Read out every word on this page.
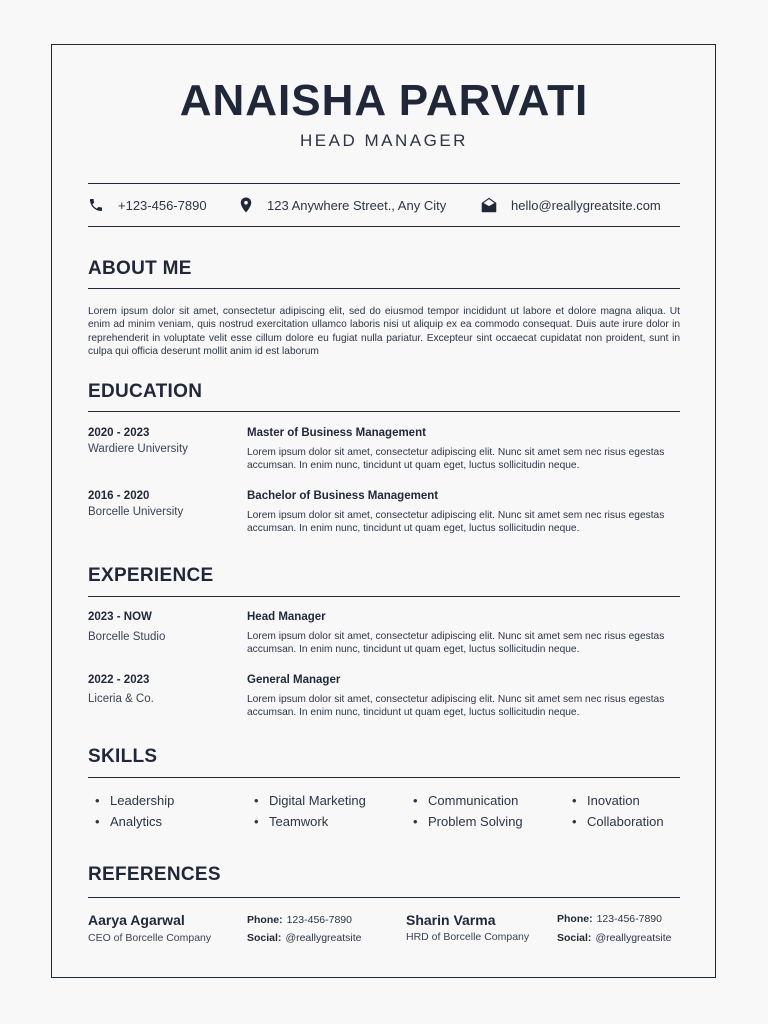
ANAISHA PARVATI
HEAD MANAGER
+123-456-7890	123 Anywhere Street., Any City	hello@reallygreatsite.com
ABOUT ME
Lorem ipsum dolor sit amet, consectetur adipiscing elit, sed do eiusmod tempor incididunt ut labore et dolore magna aliqua. Ut enim ad minim veniam, quis nostrud exercitation ullamco laboris nisi ut aliquip ex ea commodo consequat. Duis aute irure dolor in reprehenderit in voluptate velit esse cillum dolore eu fugiat nulla pariatur. Excepteur sint occaecat cupidatat non proident, sunt in culpa qui officia deserunt mollit anim id est laborum
EDUCATION
2020 - 2023
Wardiere University
Master of Business Management
Lorem ipsum dolor sit amet, consectetur adipiscing elit. Nunc sit amet sem nec risus egestas accumsan. In enim nunc, tincidunt ut quam eget, luctus sollicitudin neque.
2016 - 2020
Borcelle University
Bachelor of Business Management
Lorem ipsum dolor sit amet, consectetur adipiscing elit. Nunc sit amet sem nec risus egestas accumsan. In enim nunc, tincidunt ut quam eget, luctus sollicitudin neque.
EXPERIENCE
2023 - NOW
Borcelle Studio
Head Manager
Lorem ipsum dolor sit amet, consectetur adipiscing elit. Nunc sit amet sem nec risus egestas accumsan. In enim nunc, tincidunt ut quam eget, luctus sollicitudin neque.
2022 - 2023
Liceria & Co.
General Manager
Lorem ipsum dolor sit amet, consectetur adipiscing elit. Nunc sit amet sem nec risus egestas accumsan. In enim nunc, tincidunt ut quam eget, luctus sollicitudin neque.
SKILLS
• Leadership	• Digital Marketing	• Communication	• Inovation
• Analytics	• Teamwork	• Problem Solving	• Collaboration
REFERENCES
Aarya Agarwal
CEO of Borcelle Company
Phone: 123-456-7890
Social: @reallygreatsite
Sharin Varma
HRD of Borcelle Company
Phone: 123-456-7890
Social: @reallygreatsite
